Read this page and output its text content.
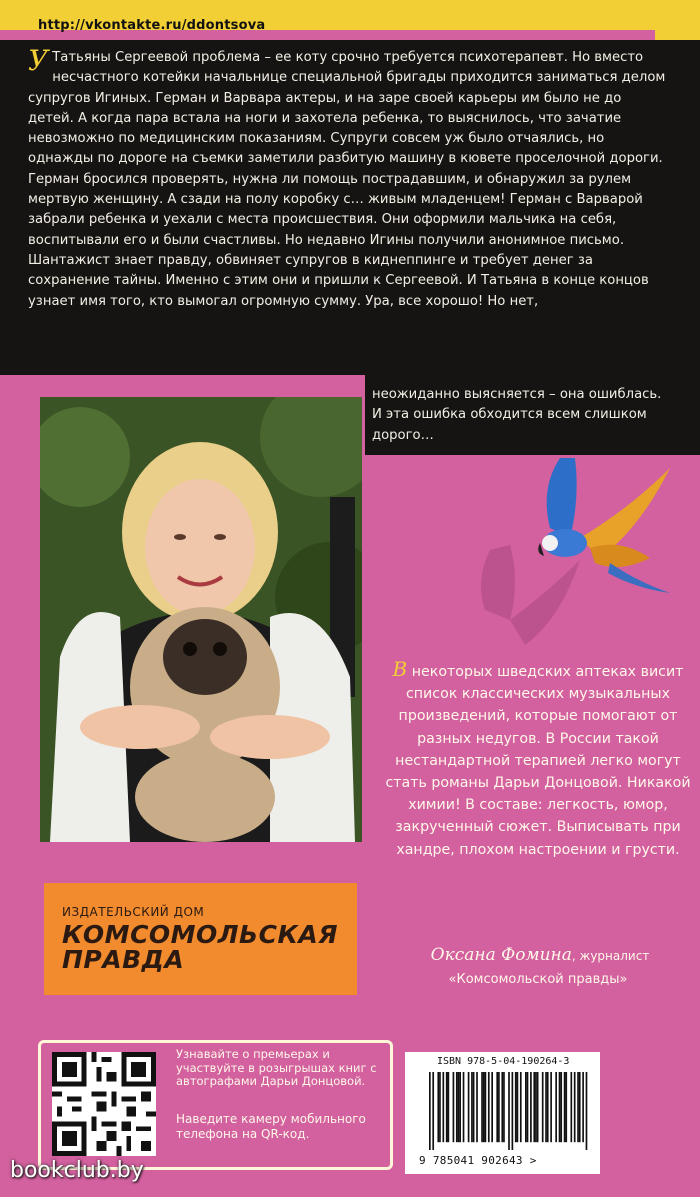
http://vkontakte.ru/ddontsova
У Татьяны Сергеевой проблема – ее коту срочно требуется психотерапевт. Но вместо несчастного котейки начальнице специальной бригады приходится заниматься делом супругов Игиных. Герман и Варвара актеры, и на заре своей карьеры им было не до детей. А когда пара встала на ноги и захотела ребенка, то выяснилось, что зачатие невозможно по медицинским показаниям. Супруги совсем уж было отчаялись, но однажды по дороге на съемки заметили разбитую машину в кювете проселочной дороги. Герман бросился проверять, нужна ли помощь пострадавшим, и обнаружил за рулем мертвую женщину. А сзади на полу коробку с… живым младенцем! Герман с Варварой забрали ребенка и уехали с места происшествия. Они оформили мальчика на себя, воспитывали его и были счастливы. Но недавно Игины получили анонимное письмо. Шантажист знает правду, обвиняет супругов в киднеппинге и требует денег за сохранение тайны. Именно с этим они и пришли к Сергеевой. И Татьяна в конце концов узнает имя того, кто вымогал огромную сумму. Ура, все хорошо! Но нет,
неожиданно выясняется – она ошиблась. И эта ошибка обходится всем слишком дорого…
В некоторых шведских аптеках висит список классических музыкальных произведений, которые помогают от разных недугов. В России такой нестандартной терапией легко могут стать романы Дарьи Донцовой. Никакой химии! В составе: легкость, юмор, закрученный сюжет. Выписывать при хандре, плохом настроении и грусти.
Оксана Фомина, журналист
«Комсомольской правды»
ИЗДАТЕЛЬСКИЙ ДОМ
КОМСОМОЛЬСКАЯ
ПРАВДА
Узнавайте о премьерах и участвуйте в розыгрышах книг с автографами Дарьи Донцовой.
Наведите камеру мобильного телефона на QR-код.
ISBN 978-5-04-190264-3
9 785041 902643 >
bookclub.by
